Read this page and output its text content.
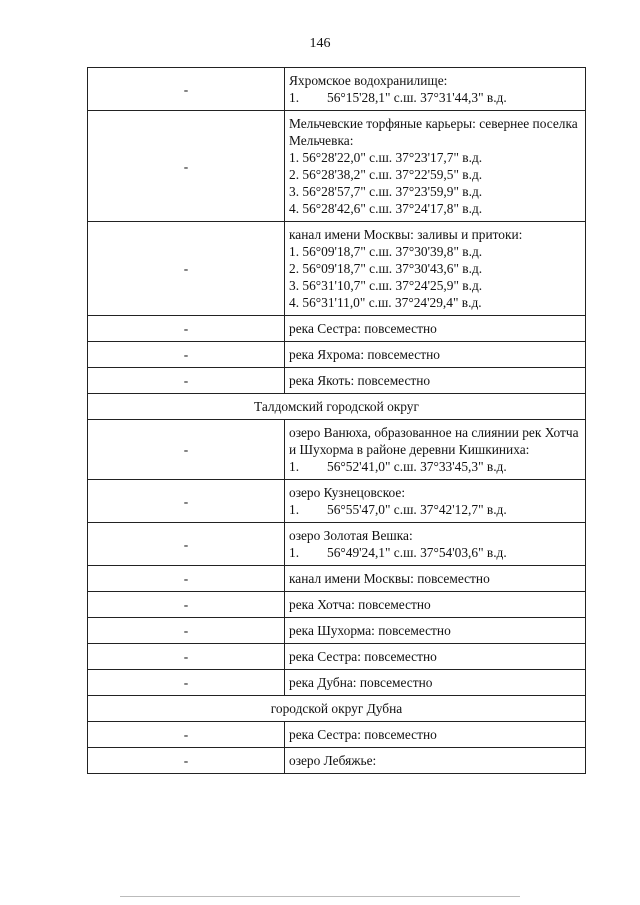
146
-	Яхромское водохранилище:
1. 56°15'28,1" с.ш. 37°31'44,3" в.д.

-	Мельчевские торфяные карьеры: севернее поселка Мельчевка:
1. 56°28'22,0" с.ш. 37°23'17,7" в.д.
2. 56°28'38,2" с.ш. 37°22'59,5" в.д.
3. 56°28'57,7" с.ш. 37°23'59,9" в.д.
4. 56°28'42,6" с.ш. 37°24'17,8" в.д.

-	канал имени Москвы: заливы и притоки:
1. 56°09'18,7" с.ш. 37°30'39,8" в.д.
2. 56°09'18,7" с.ш. 37°30'43,6" в.д.
3. 56°31'10,7" с.ш. 37°24'25,9" в.д.
4. 56°31'11,0" с.ш. 37°24'29,4" в.д.

-	река Сестра: повсеместно
-	река Яхрома: повсеместно
-	река Якоть: повсеместно
Талдомский городской округ	
-	озеро Ванюха, образованное на слиянии рек Хотча и Шухорма в районе деревни Кишкиниха:
1. 56°52'41,0" с.ш. 37°33'45,3" в.д.

-	озеро Кузнецовское:
1. 56°55'47,0" с.ш. 37°42'12,7" в.д.

-	озеро Золотая Вешка:
1. 56°49'24,1" с.ш. 37°54'03,6" в.д.

-	канал имени Москвы: повсеместно
-	река Хотча: повсеместно
-	река Шухорма: повсеместно
-	река Сестра: повсеместно
-	река Дубна: повсеместно
городской округ Дубна	
-	река Сестра: повсеместно
-	озеро Лебяжье:
